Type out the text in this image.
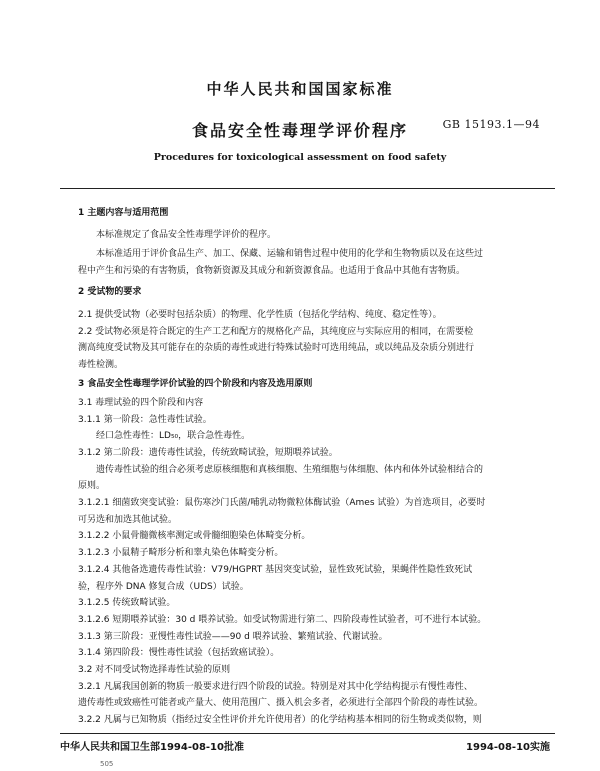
中华人民共和国国家标准
GB 15193.1—94
食品安全性毒理学评价程序
Procedures for toxicological assessment on food safety
1 主题内容与适用范围
本标准规定了食品安全性毒理学评价的程序。
本标准适用于评价食品生产、加工、保藏、运输和销售过程中使用的化学和生物物质以及在这些过
程中产生和污染的有害物质，食物新资源及其成分和新资源食品。也适用于食品中其他有害物质。
2 受试物的要求
2.1 提供受试物（必要时包括杂质）的物理、化学性质（包括化学结构、纯度、稳定性等）。
2.2 受试物必须是符合既定的生产工艺和配方的规格化产品，其纯度应与实际应用的相同，在需要检
测高纯度受试物及其可能存在的杂质的毒性或进行特殊试验时可选用纯品，或以纯品及杂质分别进行
毒性检测。
3 食品安全性毒理学评价试验的四个阶段和内容及选用原则
3.1 毒理试验的四个阶段和内容
3.1.1 第一阶段：急性毒性试验。
经口急性毒性：LD₅₀，联合急性毒性。
3.1.2 第二阶段：遗传毒性试验，传统致畸试验，短期喂养试验。
遗传毒性试验的组合必须考虑原核细胞和真核细胞、生殖细胞与体细胞、体内和体外试验相结合的
原则。
3.1.2.1 细菌致突变试验：鼠伤寒沙门氏菌/哺乳动物微粒体酶试验（Ames 试验）为首选项目，必要时
可另选和加选其他试验。
3.1.2.2 小鼠骨髓微核率测定或骨髓细胞染色体畸变分析。
3.1.2.3 小鼠精子畸形分析和睾丸染色体畸变分析。
3.1.2.4 其他备选遗传毒性试验：V79/HGPRT 基因突变试验，显性致死试验，果蝇伴性隐性致死试
验，程序外 DNA 修复合成（UDS）试验。
3.1.2.5 传统致畸试验。
3.1.2.6 短期喂养试验：30 d 喂养试验。如受试物需进行第二、四阶段毒性试验者，可不进行本试验。
3.1.3 第三阶段：亚慢性毒性试验——90 d 喂养试验、繁殖试验、代谢试验。
3.1.4 第四阶段：慢性毒性试验（包括致癌试验）。
3.2 对不同受试物选择毒性试验的原则
3.2.1 凡属我国创新的物质一般要求进行四个阶段的试验。特别是对其中化学结构提示有慢性毒性、
遗传毒性或致癌性可能者或产量大、使用范围广、摄入机会多者，必须进行全部四个阶段的毒性试验。
3.2.2 凡属与已知物质（指经过安全性评价并允许使用者）的化学结构基本相同的衍生物或类似物，则
中华人民共和国卫生部1994-08-10批准	1994-08-10实施
505
